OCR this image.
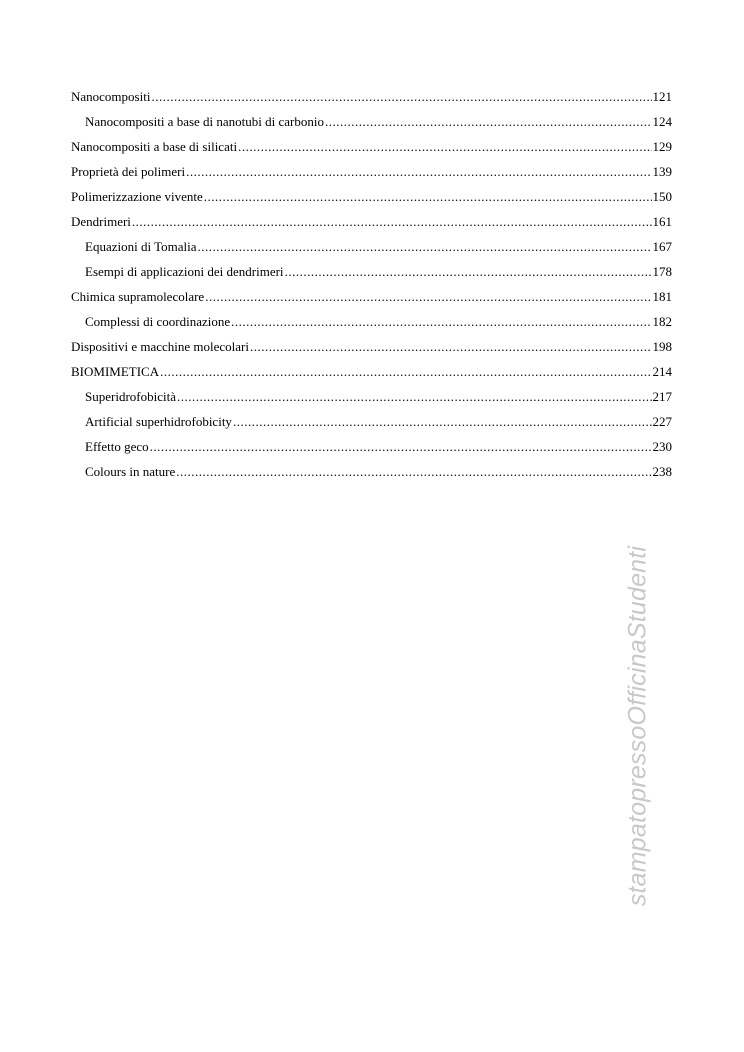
Nanocompositi .....	121
Nanocompositi a base di nanotubi di carbonio .....	124
Nanocompositi a base di silicati .....	129
Proprietà dei polimeri .....	139
Polimerizzazione vivente .....	150
Dendrimeri .....	161
Equazioni di Tomalia .....	167
Esempi di applicazioni dei dendrimeri .....	178
Chimica supramolecolare .....	181
Complessi di coordinazione .....	182
Dispositivi e macchine molecolari .....	198
BIOMIMETICA .....	214
Superidrofobicità .....	217
Artificial superhidrofobicity .....	227
Effetto geco .....	230
Colours in nature .....	238
stampatopressoOfficinaStudenti
